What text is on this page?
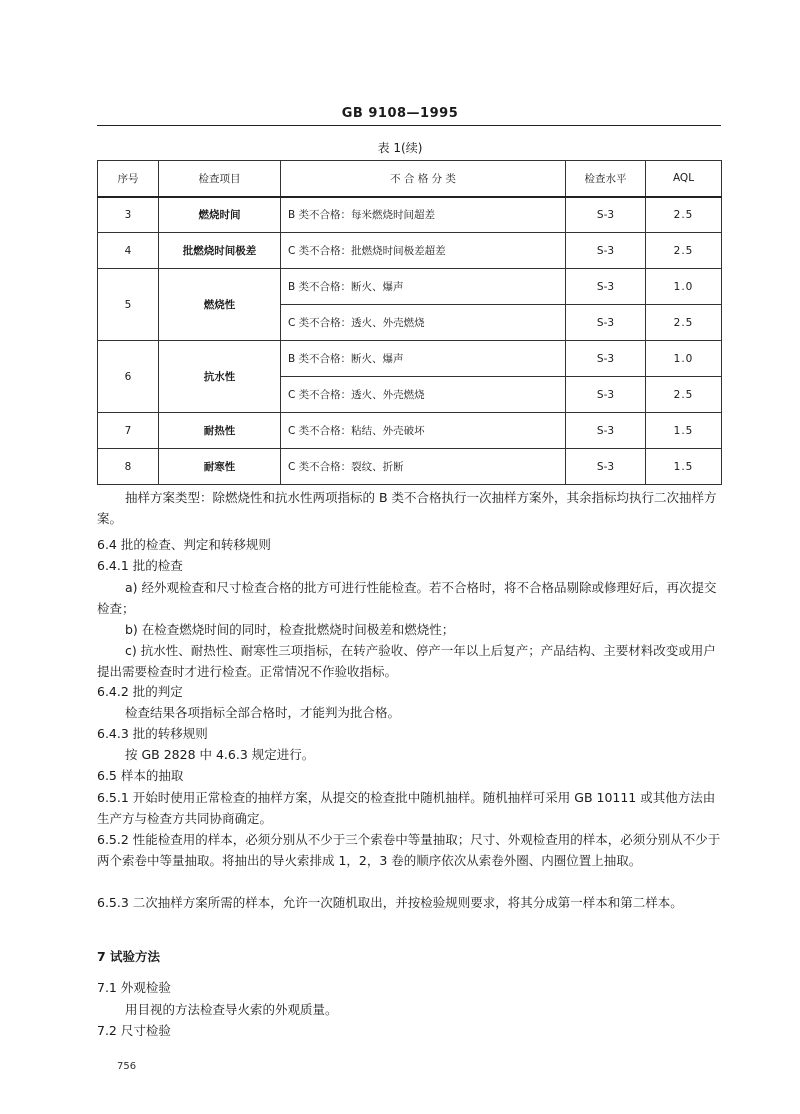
GB 9108—1995
表 1(续)
序号	检查项目	不 合 格 分 类	检查水平	AQL
3	燃烧时间	B 类不合格：每米燃烧时间超差	S-3	2.5
4	批燃烧时间极差	C 类不合格：批燃烧时间极差超差	S-3	2.5
5	燃烧性	B 类不合格：断火、爆声	S-3	1.0
		C 类不合格：透火、外壳燃烧	S-3	2.5
6	抗水性	B 类不合格：断火、爆声	S-3	1.0
		C 类不合格：透火、外壳燃烧	S-3	2.5
7	耐热性	C 类不合格：粘结、外壳破坏	S-3	1.5
8	耐寒性	C 类不合格：裂纹、折断	S-3	1.5

抽样方案类型：除燃烧性和抗水性两项指标的 B 类不合格执行一次抽样方案外，其余指标均执行二次抽样方案。

6.4 批的检查、判定和转移规则
6.4.1 批的检查

a) 经外观检查和尺寸检查合格的批方可进行性能检查。若不合格时，将不合格品剔除或修理好后，再次提交检查；

b) 在检查燃烧时间的同时，检查批燃烧时间极差和燃烧性；

c) 抗水性、耐热性、耐寒性三项指标，在转产验收、停产一年以上后复产；产品结构、主要材料改变或用户提出需要检查时才进行检查。正常情况不作验收指标。

6.4.2 批的判定
检查结果各项指标全部合格时，才能判为批合格。
6.4.3 批的转移规则
按 GB 2828 中 4.6.3 规定进行。
6.5 样本的抽取

6.5.1 开始时使用正常检查的抽样方案，从提交的检查批中随机抽样。随机抽样可采用 GB 10111 或其他方法由生产方与检查方共同协商确定。

6.5.2 性能检查用的样本，必须分别从不少于三个索卷中等量抽取；尺寸、外观检查用的样本，必须分别从不少于两个索卷中等量抽取。将抽出的导火索排成 1，2，3 卷的顺序依次从索卷外圈、内圈位置上抽取。

6.5.3 二次抽样方案所需的样本，允许一次随机取出，并按检验规则要求，将其分成第一样本和第二样本。

7 试验方法
7.1 外观检验
用目视的方法检查导火索的外观质量。
7.2 尺寸检验
756
